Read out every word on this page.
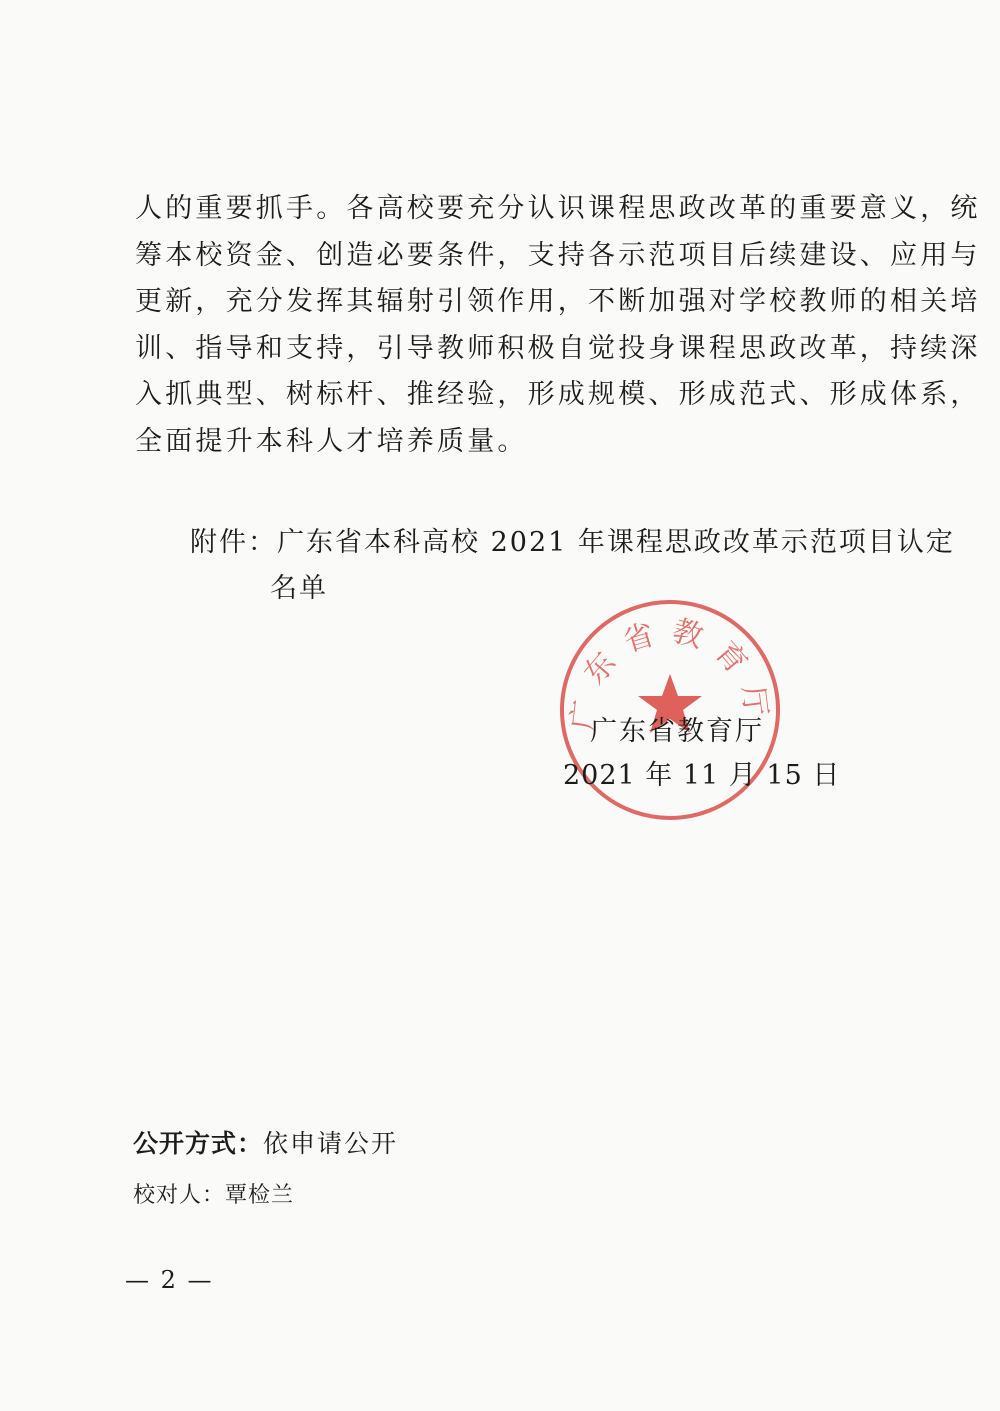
人的重要抓手。各高校要充分认识课程思政改革的重要意义，统
筹本校资金、创造必要条件，支持各示范项目后续建设、应用与
更新，充分发挥其辐射引领作用，不断加强对学校教师的相关培
训、指导和支持，引导教师积极自觉投身课程思政改革，持续深
入抓典型、树标杆、推经验，形成规模、形成范式、形成体系，
全面提升本科人才培养质量。
附件：广东省本科高校 2021 年课程思政改革示范项目认定
名单
广东省教育厅
广东省教育厅
2021 年 11 月 15 日
公开方式：依申请公开
校对人：覃检兰
— 2 —
